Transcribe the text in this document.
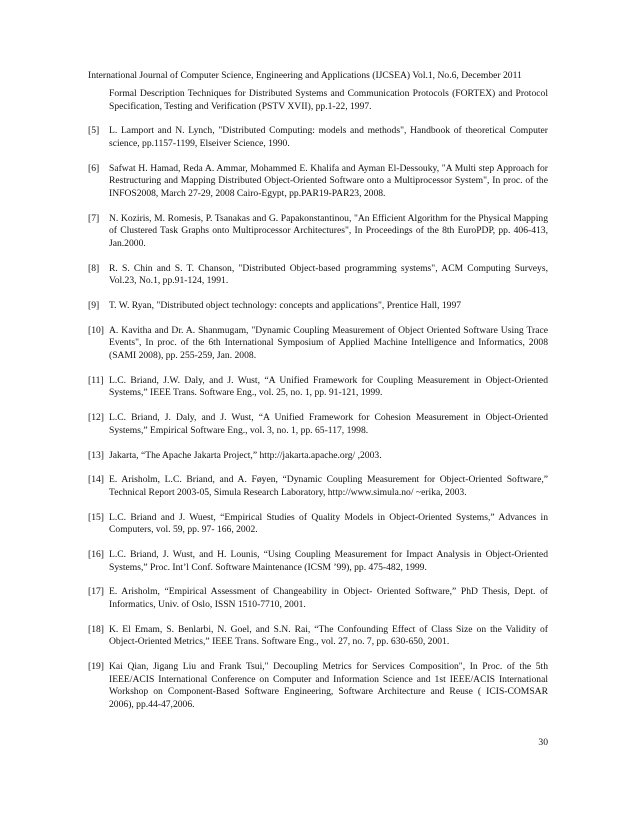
International Journal of Computer Science, Engineering and Applications (IJCSEA) Vol.1, No.6, December 2011
Formal Description Techniques for Distributed Systems and Communication Protocols (FORTEX) and Protocol Specification, Testing and Verification (PSTV XVII), pp.1-22, 1997.
[5] L. Lamport and N. Lynch, "Distributed Computing: models and methods", Handbook of theoretical Computer science, pp.1157-1199, Elseiver Science, 1990.
[6] Safwat H. Hamad, Reda A. Ammar, Mohammed E. Khalifa and Ayman El-Dessouky, "A Multi step Approach for Restructuring and Mapping Distributed Object-Oriented Software onto a Multiprocessor System", In proc. of the INFOS2008, March 27-29, 2008 Cairo-Egypt, pp.PAR19-PAR23, 2008.
[7] N. Koziris, M. Romesis, P. Tsanakas and G. Papakonstantinou, "An Efficient Algorithm for the Physical Mapping of Clustered Task Graphs onto Multiprocessor Architectures", In Proceedings of the 8th EuroPDP, pp. 406-413, Jan.2000.
[8] R. S. Chin and S. T. Chanson, "Distributed Object-based programming systems", ACM Computing Surveys, Vol.23, No.1, pp.91-124, 1991.
[9] T. W. Ryan, "Distributed object technology: concepts and applications", Prentice Hall, 1997
[10] A. Kavitha and Dr. A. Shanmugam, "Dynamic Coupling Measurement of Object Oriented Software Using Trace Events", In proc. of the 6th International Symposium of Applied Machine Intelligence and Informatics, 2008 (SAMI 2008), pp. 255-259, Jan. 2008.
[11] L.C. Briand, J.W. Daly, and J. Wust, “A Unified Framework for Coupling Measurement in Object-Oriented Systems,” IEEE Trans. Software Eng., vol. 25, no. 1, pp. 91-121, 1999.
[12] L.C. Briand, J. Daly, and J. Wust, “A Unified Framework for Cohesion Measurement in Object-Oriented Systems,” Empirical Software Eng., vol. 3, no. 1, pp. 65-117, 1998.
[13] Jakarta, “The Apache Jakarta Project,” http://jakarta.apache.org/ ,2003.
[14] E. Arisholm, L.C. Briand, and A. Føyen, “Dynamic Coupling Measurement for Object-Oriented Software,” Technical Report 2003-05, Simula Research Laboratory, http://www.simula.no/ ~erika, 2003.
[15] L.C. Briand and J. Wuest, “Empirical Studies of Quality Models in Object-Oriented Systems,” Advances in Computers, vol. 59, pp. 97- 166, 2002.
[16] L.C. Briand, J. Wust, and H. Lounis, “Using Coupling Measurement for Impact Analysis in Object-Oriented Systems,” Proc. Int’l Conf. Software Maintenance (ICSM ’99), pp. 475-482, 1999.
[17] E. Arisholm, “Empirical Assessment of Changeability in Object- Oriented Software,” PhD Thesis, Dept. of Informatics, Univ. of Oslo, ISSN 1510-7710, 2001.
[18] K. El Emam, S. Benlarbi, N. Goel, and S.N. Rai, “The Confounding Effect of Class Size on the Validity of Object-Oriented Metrics,” IEEE Trans. Software Eng., vol. 27, no. 7, pp. 630-650, 2001.
[19] Kai Qian, Jigang Liu and Frank Tsui," Decoupling Metrics for Services Composition", In Proc. of the 5th IEEE/ACIS International Conference on Computer and Information Science and 1st IEEE/ACIS International Workshop on Component-Based Software Engineering, Software Architecture and Reuse ( ICIS-COMSAR 2006), pp.44-47,2006.
30
